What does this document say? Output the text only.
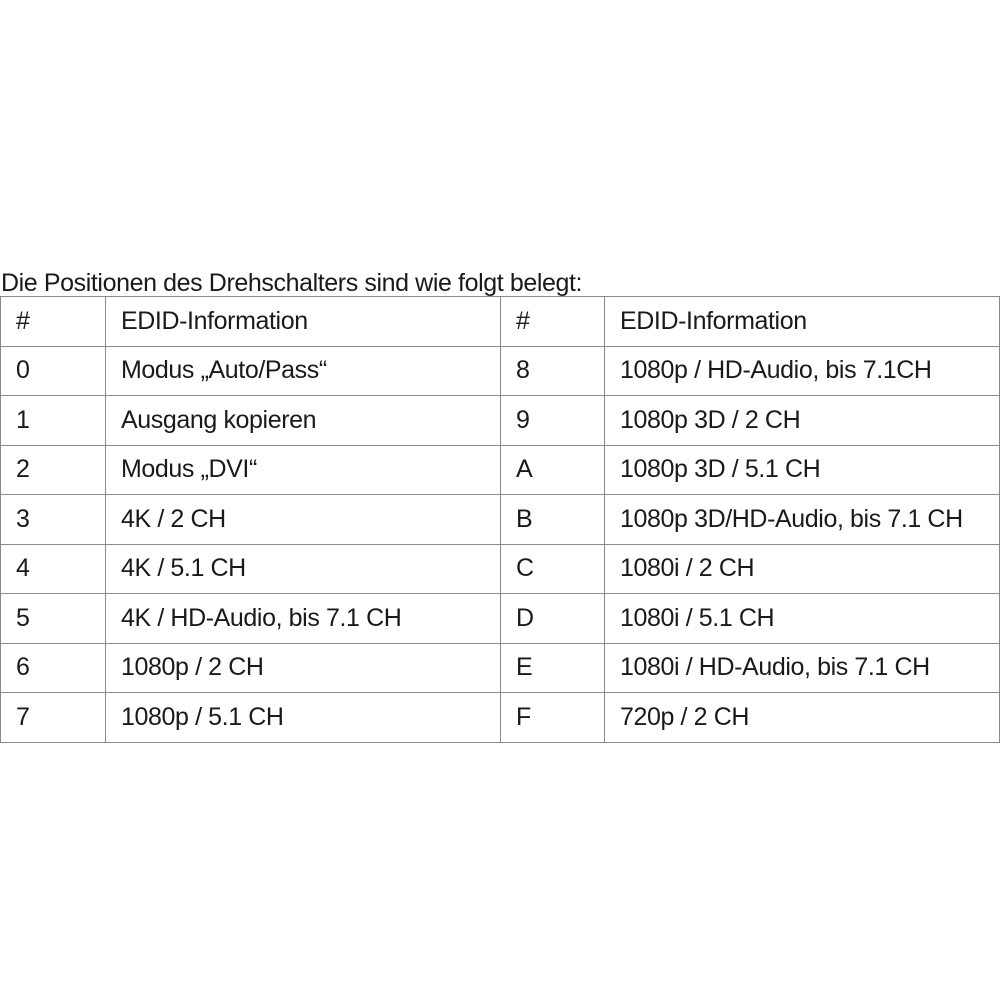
Die Positionen des Drehschalters sind wie folgt belegt:

#	EDID-Information	#	EDID-Information
0	Modus „Auto/Pass“	8	1080p / HD-Audio, bis 7.1CH
1	Ausgang kopieren	9	1080p 3D / 2 CH
2	Modus „DVI“	A	1080p 3D / 5.1 CH
3	4K / 2 CH	B	1080p 3D/HD-Audio, bis 7.1 CH
4	4K / 5.1 CH	C	1080i / 2 CH
5	4K / HD-Audio, bis 7.1 CH	D	1080i / 5.1 CH
6	1080p / 2 CH	E	1080i / HD-Audio, bis 7.1 CH
7	1080p / 5.1 CH	F	720p / 2 CH
